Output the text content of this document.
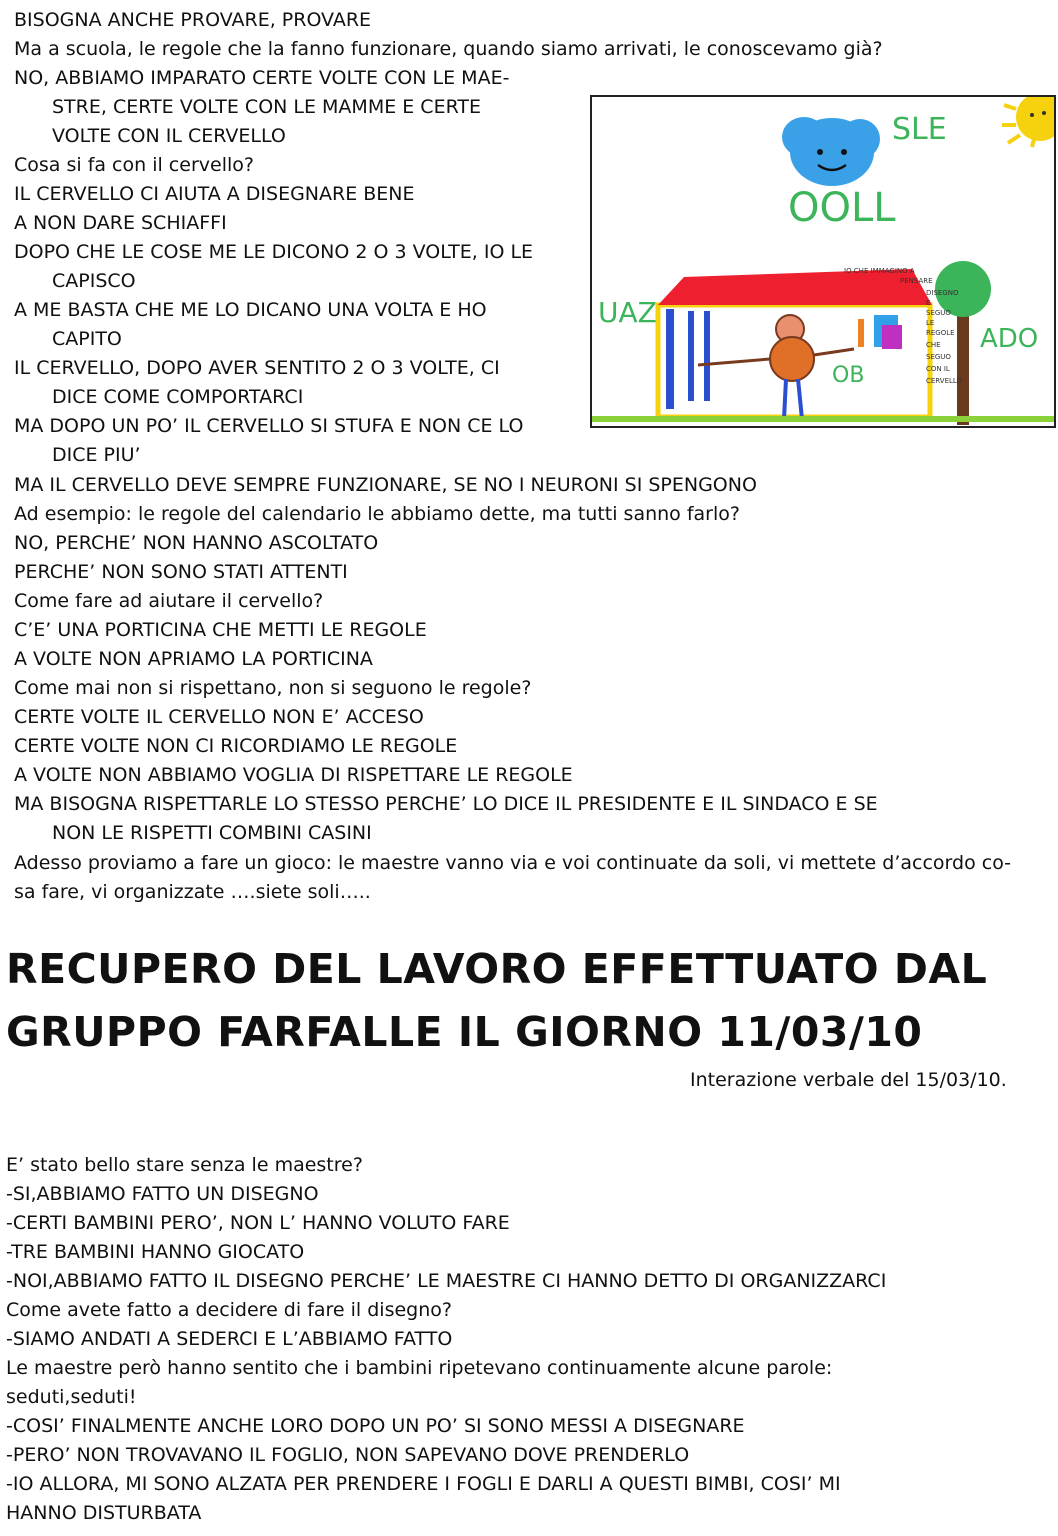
BISOGNA ANCHE PROVARE, PROVARE
Ma a scuola, le regole che la fanno funzionare, quando siamo arrivati, le conoscevamo già?
NO, ABBIAMO IMPARATO CERTE VOLTE CON LE MAE-
STRE, CERTE VOLTE CON LE MAMME E CERTE
VOLTE CON IL CERVELLO
Cosa si fa con il cervello?
IL CERVELLO CI AIUTA A DISEGNARE BENE
A NON DARE SCHIAFFI
DOPO CHE LE COSE ME LE DICONO 2 O 3 VOLTE, IO LE
CAPISCO
A ME BASTA CHE ME LO DICANO UNA VOLTA E HO
CAPITO
IL CERVELLO, DOPO AVER SENTITO 2 O 3 VOLTE, CI
DICE COME COMPORTARCI
MA DOPO UN PO’ IL CERVELLO SI STUFA E NON CE LO
DICE PIU’
MA IL CERVELLO DEVE SEMPRE FUNZIONARE, SE NO I NEURONI SI SPENGONO
Ad esempio: le regole del calendario le abbiamo dette, ma tutti sanno farlo?
NO, PERCHE’ NON HANNO ASCOLTATO
PERCHE’ NON SONO STATI ATTENTI
Come fare ad aiutare il cervello?
C’E’ UNA PORTICINA CHE METTI LE REGOLE
A VOLTE NON APRIAMO LA PORTICINA
Come mai non si rispettano, non si seguono le regole?
CERTE VOLTE IL CERVELLO NON E’ ACCESO
CERTE VOLTE NON CI RICORDIAMO LE REGOLE
A VOLTE NON ABBIAMO VOGLIA DI RISPETTARE LE REGOLE
MA BISOGNA RISPETTARLE LO STESSO PERCHE’ LO DICE IL PRESIDENTE E IL SINDACO E SE
NON LE RISPETTI COMBINI CASINI
Adesso proviamo a fare un gioco: le maestre vanno via e voi continuate da soli, vi mettete d’accordo co-
sa fare, vi organizzate ….siete soli…..
SLE
OOLL
UAZ
ADO
OB
IO CHE IMMAGINO A
PENSARE
DISEGNO
E
SEGUO
LE
REGOLE
CHE
SEGUO
CON IL
CERVELLO
RECUPERO DEL LAVORO EFFETTUATO DAL
GRUPPO FARFALLE IL GIORNO 11/03/10
Interazione verbale del 15/03/10.
E’ stato bello stare senza le maestre?
-SI,ABBIAMO FATTO UN DISEGNO
-CERTI BAMBINI PERO’, NON L’ HANNO VOLUTO FARE
-TRE BAMBINI HANNO GIOCATO
-NOI,ABBIAMO FATTO IL DISEGNO PERCHE’ LE MAESTRE CI HANNO DETTO DI ORGANIZZARCI
Come avete fatto a decidere di fare il disegno?
-SIAMO ANDATI A SEDERCI E L’ABBIAMO FATTO
Le maestre però hanno sentito che i bambini ripetevano continuamente alcune parole:
seduti,seduti!
-COSI’ FINALMENTE ANCHE LORO DOPO UN PO’ SI SONO MESSI A DISEGNARE
-PERO’ NON TROVAVANO IL FOGLIO, NON SAPEVANO DOVE PRENDERLO
-IO ALLORA, MI SONO ALZATA PER PRENDERE I FOGLI E DARLI A QUESTI BIMBI, COSI’ MI
HANNO DISTURBATA
